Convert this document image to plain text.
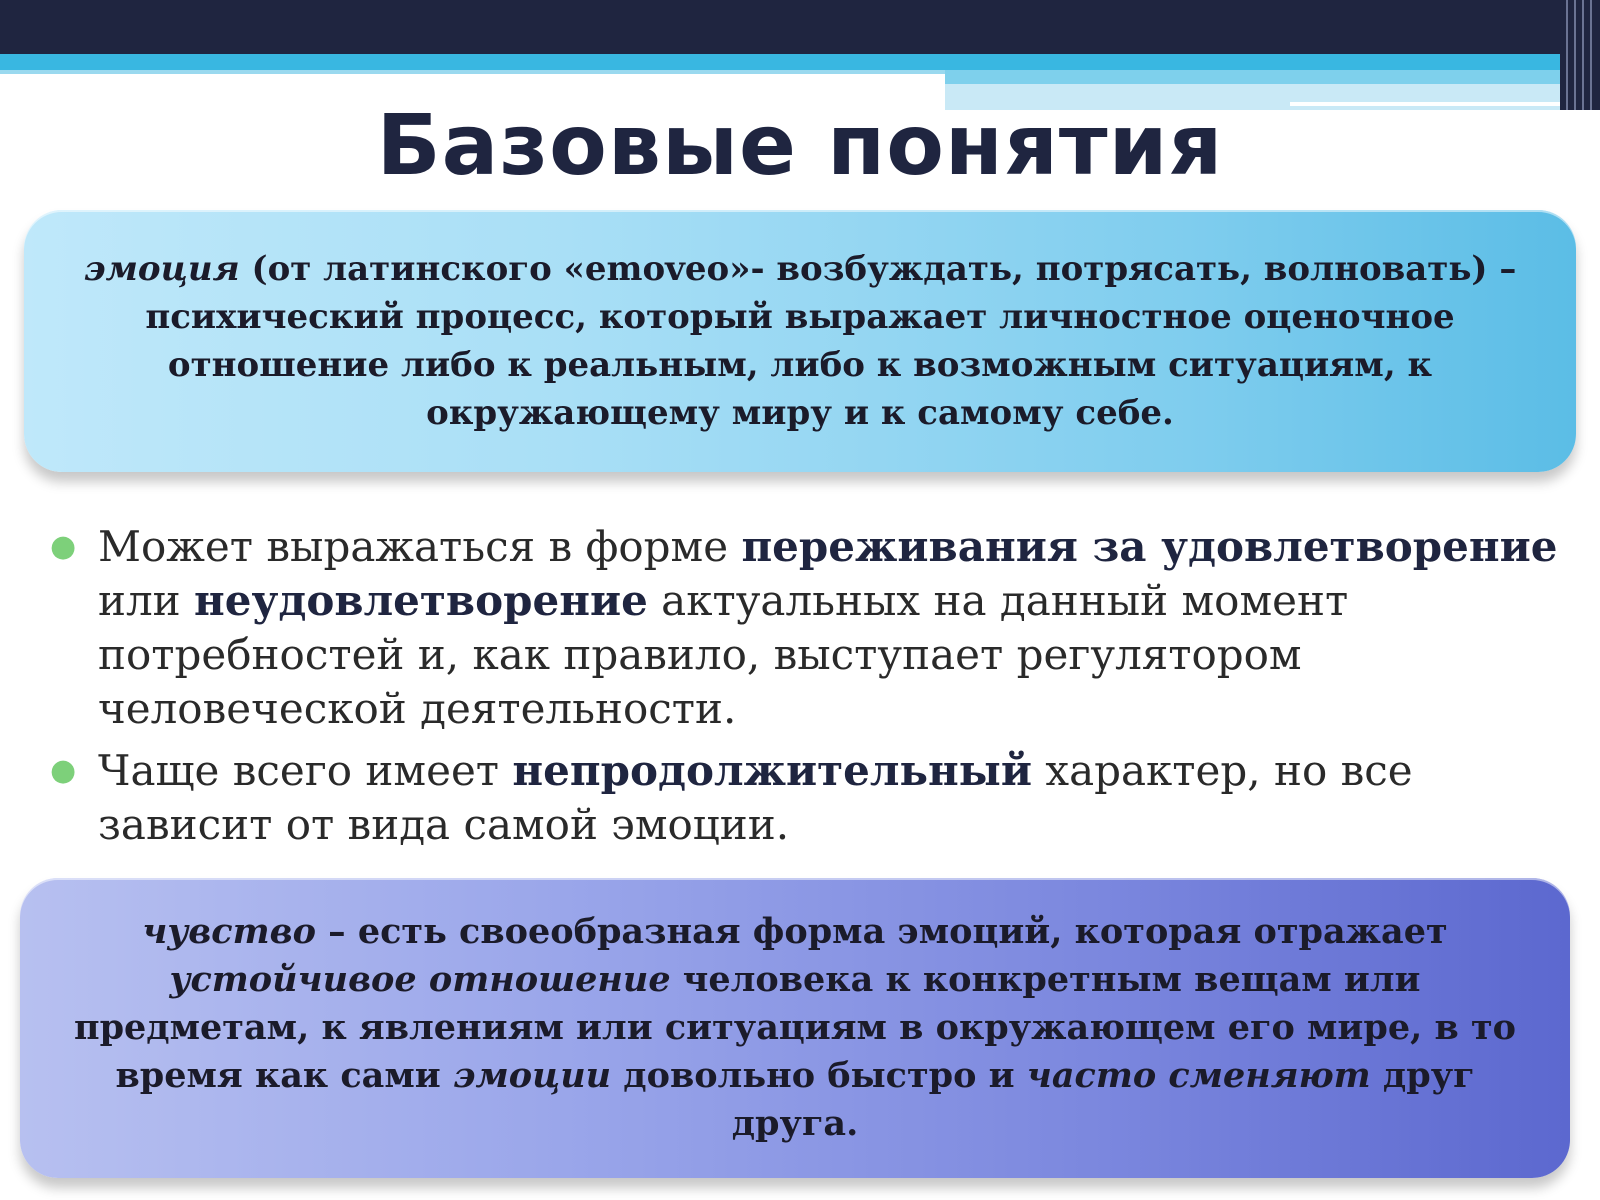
Базовые понятия
эмоция (от латинского «emoveo»- возбуждать, потрясать, волновать) – психический процесс, который выражает личностное оценочное отношение либо к реальным, либо к возможным ситуациям, к окружающему миру и к самому себе.
● Может выражаться в форме переживания за удовлетворение или неудовлетворение актуальных на данный момент потребностей и, как правило, выступает регулятором человеческой деятельности.
● Чаще всего имеет непродолжительный характер, но все зависит от вида самой эмоции.
чувство – есть своеобразная форма эмоций, которая отражает устойчивое отношение человека к конкретным вещам или предметам, к явлениям или ситуациям в окружающем его мире, в то время как сами эмоции довольно быстро и часто сменяют друг друга.
